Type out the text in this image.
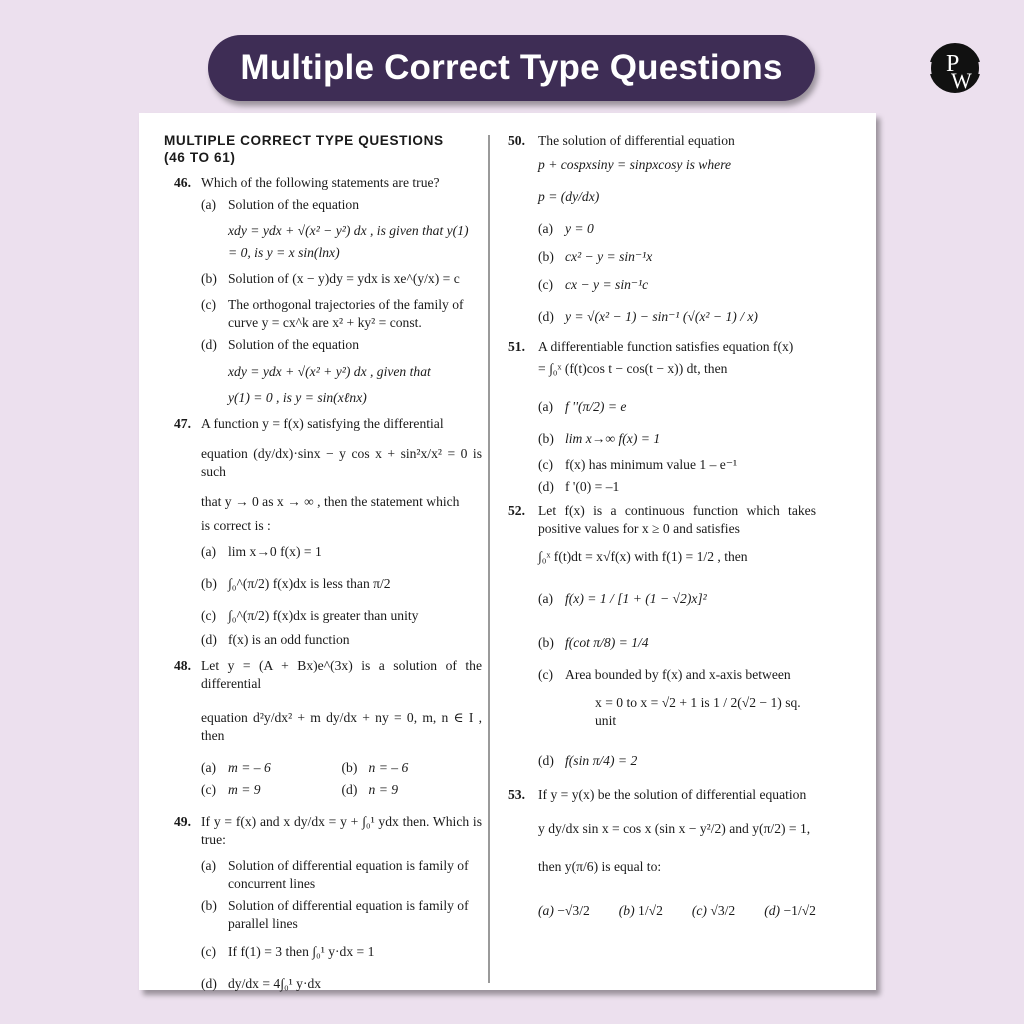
Multiple Correct Type Questions	P
W
MULTIPLE CORRECT TYPE QUESTIONS
(46 TO 61)
46. Which of the following statements are true?
(a) Solution of the equation
xdy = ydx + √(x² − y²) dx , is given that y(1)
= 0, is y = x sin(lnx)
(b) Solution of (x − y)dy = ydx is xe^(y/x) = c
(c) The orthogonal trajectories of the family of curve y = cx^k are x² + ky² = const.
(d) Solution of the equation
xdy = ydx + √(x² + y²) dx , given that
y(1) = 0 , is y = sin(xℓnx)
47. A function y = f(x) satisfying the differential
equation (dy/dx)·sinx − y cos x + sin²x/x² = 0 is such
that y → 0 as x → ∞ , then the statement which
is correct is :
(a) lim x→0 f(x) = 1
(b) ∫₀^(π/2) f(x)dx is less than π/2
(c) ∫₀^(π/2) f(x)dx is greater than unity
(d) f(x) is an odd function
48. Let y = (A + Bx)e^(3x) is a solution of the differential
equation d²y/dx² + m dy/dx + ny = 0, m, n ∈ I , then
(a) m = – 6	(b) n = – 6
(c) m = 9	(d) n = 9
49. If y = f(x) and x dy/dx = y + ∫₀¹ ydx then. Which is true:
(a) Solution of differential equation is family of concurrent lines
(b) Solution of differential equation is family of parallel lines
(c) If f(1) = 3 then ∫₀¹ y·dx = 1
(d) dy/dx = 4∫₀¹ y·dx
50. The solution of differential equation
p + cospxsiny = sinpxcosy is where
p = (dy/dx)
(a) y = 0
(b) cx² − y = sin⁻¹x
(c) cx − y = sin⁻¹c
(d) y = √(x² − 1) − sin⁻¹ (√(x² − 1) / x)
51. A differentiable function satisfies equation f(x)
= ∫₀ˣ (f(t)cos t − cos(t − x)) dt, then
(a) f ''(π/2) = e
(b) lim x→∞ f(x) = 1
(c) f(x) has minimum value 1 – e⁻¹
(d) f '(0) = –1
52. Let f(x) is a continuous function which takes positive values for x ≥ 0 and satisfies
∫₀ˣ f(t)dt = x√f(x) with f(1) = 1/2 , then
(a) f(x) = 1 / [1 + (1 − √2)x]²
(b) f(cot π/8) = 1/4
(c) Area bounded by f(x) and x-axis between
x = 0 to x = √2 + 1 is 1 / 2(√2 − 1) sq. unit
(d) f(sin π/4) = 2
53. If y = y(x) be the solution of differential equation
y dy/dx sin x = cos x (sin x − y²/2) and y(π/2) = 1,
then y(π/6) is equal to:
(a) −√3/2 (b) 1/√2 (c) √3/2 (d) −1/√2
